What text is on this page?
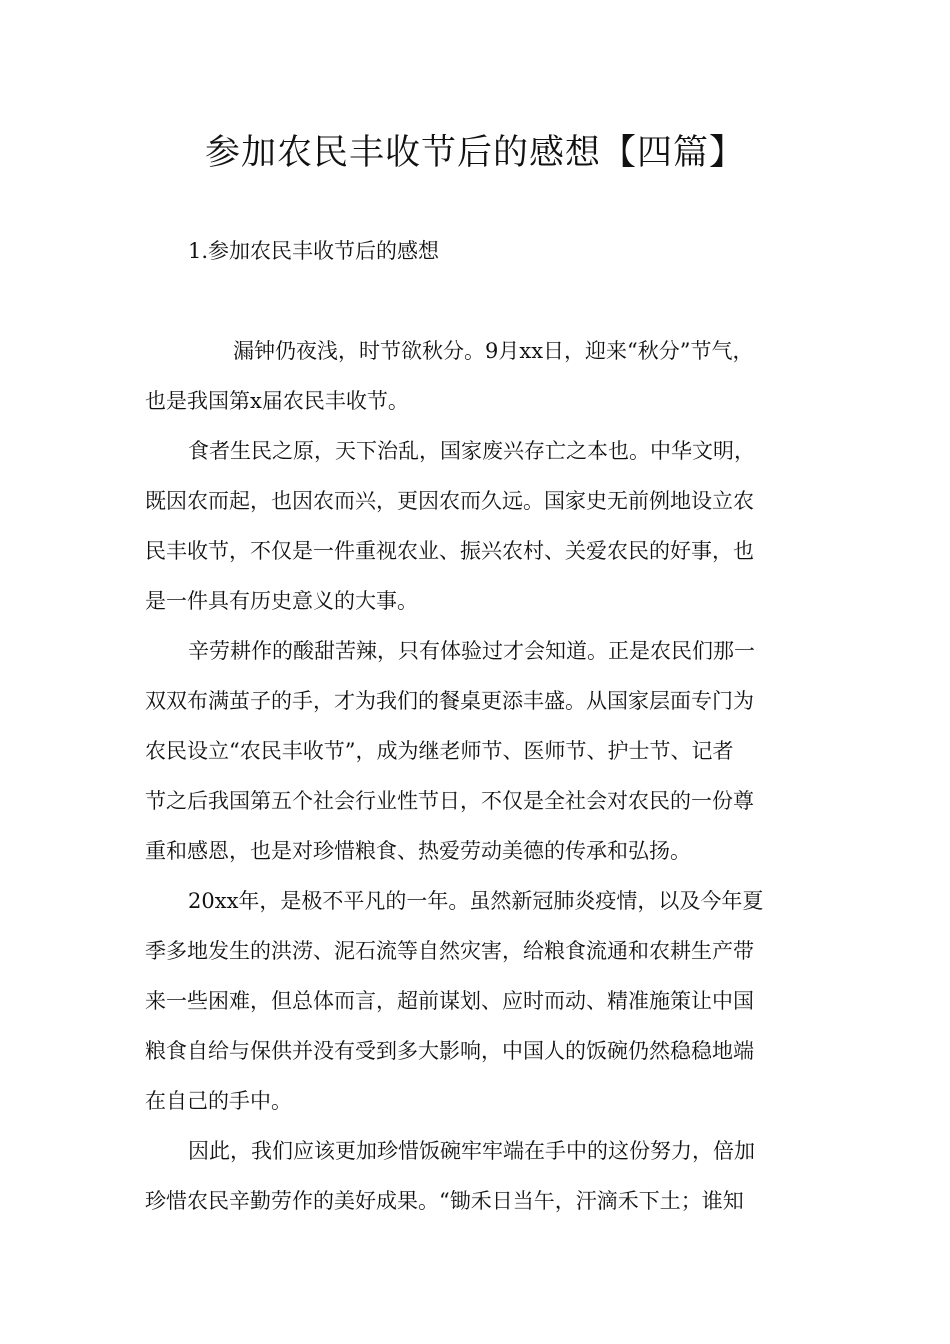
参加农民丰收节后的感想【四篇】
1.参加农民丰收节后的感想
漏钟仍夜浅，时节欲秋分。9月xx日，迎来“秋分”节气，
也是我国第x届农民丰收节。
食者生民之原，天下治乱，国家废兴存亡之本也。中华文明，
既因农而起，也因农而兴，更因农而久远。国家史无前例地设立农
民丰收节，不仅是一件重视农业、振兴农村、关爱农民的好事，也
是一件具有历史意义的大事。
辛劳耕作的酸甜苦辣，只有体验过才会知道。正是农民们那一
双双布满茧子的手，才为我们的餐桌更添丰盛。从国家层面专门为
农民设立“农民丰收节”，成为继老师节、医师节、护士节、记者
节之后我国第五个社会行业性节日，不仅是全社会对农民的一份尊
重和感恩，也是对珍惜粮食、热爱劳动美德的传承和弘扬。
20xx年，是极不平凡的一年。虽然新冠肺炎疫情，以及今年夏
季多地发生的洪涝、泥石流等自然灾害，给粮食流通和农耕生产带
来一些困难，但总体而言，超前谋划、应时而动、精准施策让中国
粮食自给与保供并没有受到多大影响，中国人的饭碗仍然稳稳地端
在自己的手中。
因此，我们应该更加珍惜饭碗牢牢端在手中的这份努力，倍加
珍惜农民辛勤劳作的美好成果。“锄禾日当午，汗滴禾下土；谁知
